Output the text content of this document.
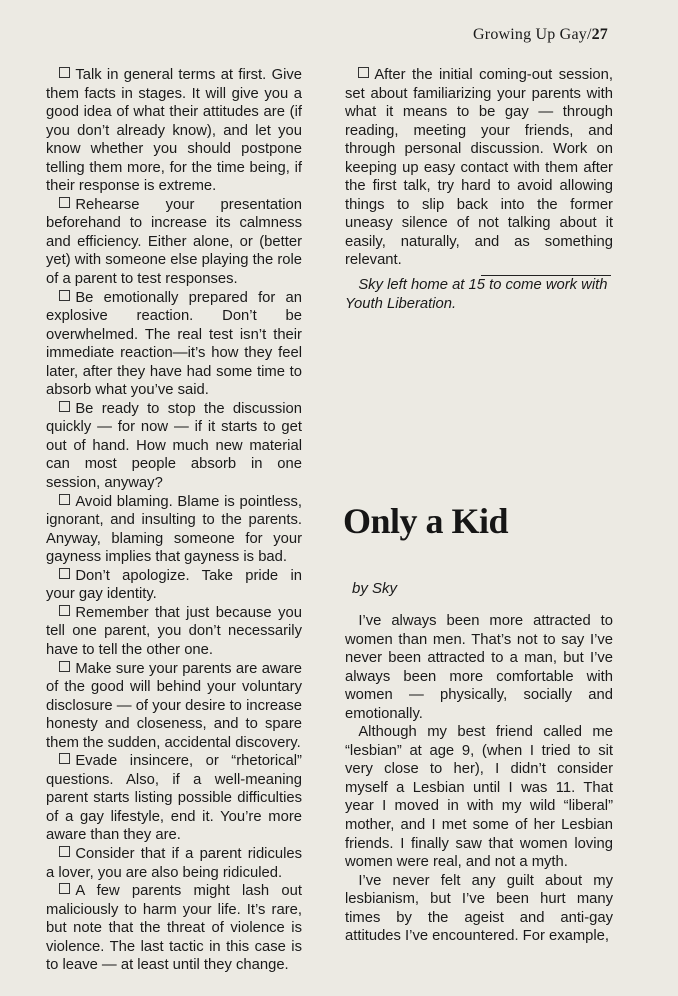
Growing Up Gay/27

Talk in general terms at first. Give them facts in stages. It will give you a good idea of what their attitudes are (if you don’t already know), and let you know whether you should postpone telling them more, for the time being, if their response is extreme.

Rehearse your presentation beforehand to increase its calmness and efficiency. Either alone, or (better yet) with someone else playing the role of a parent to test responses.

Be emotionally prepared for an explosive reaction. Don’t be overwhelmed. The real test isn’t their immediate reaction—it’s how they feel later, after they have had some time to absorb what you’ve said.

Be ready to stop the discussion quickly — for now — if it starts to get out of hand. How much new material can most people absorb in one session, anyway?

Avoid blaming. Blame is pointless, ignorant, and insulting to the parents. Anyway, blaming someone for your gayness implies that gayness is bad.

Don’t apologize. Take pride in your gay identity.

Remember that just because you tell one parent, you don’t necessarily have to tell the other one.

Make sure your parents are aware of the good will behind your voluntary disclosure — of your desire to increase honesty and closeness, and to spare them the sudden, accidental discovery.

Evade insincere, or “rhetorical” questions. Also, if a well-meaning parent starts listing possible difficulties of a gay lifestyle, end it. You’re more aware than they are.

Consider that if a parent ridicules a lover, you are also being ridiculed.

A few parents might lash out maliciously to harm your life. It’s rare, but note that the threat of violence is violence. The last tactic in this case is to leave — at least until they change.

After the initial coming-out session, set about familiarizing your parents with what it means to be gay — through reading, meeting your friends, and through personal discussion. Work on keeping up easy contact with them after the first talk, try hard to avoid allowing things to slip back into the former uneasy silence of not talking about it easily, naturally, and as something relevant.

Sky left home at 15 to come work with Youth Liberation.

Only a Kid
by Sky

I’ve always been more attracted to women than men. That’s not to say I’ve never been attracted to a man, but I’ve always been more comfortable with women — physically, socially and emotionally.

Although my best friend called me “lesbian” at age 9, (when I tried to sit very close to her), I didn’t consider myself a Lesbian until I was 11. That year I moved in with my wild “liberal” mother, and I met some of her Lesbian friends. I finally saw that women loving women were real, and not a myth.

I’ve never felt any guilt about my lesbianism, but I’ve been hurt many times by the ageist and anti-gay attitudes I’ve encountered. For example,
